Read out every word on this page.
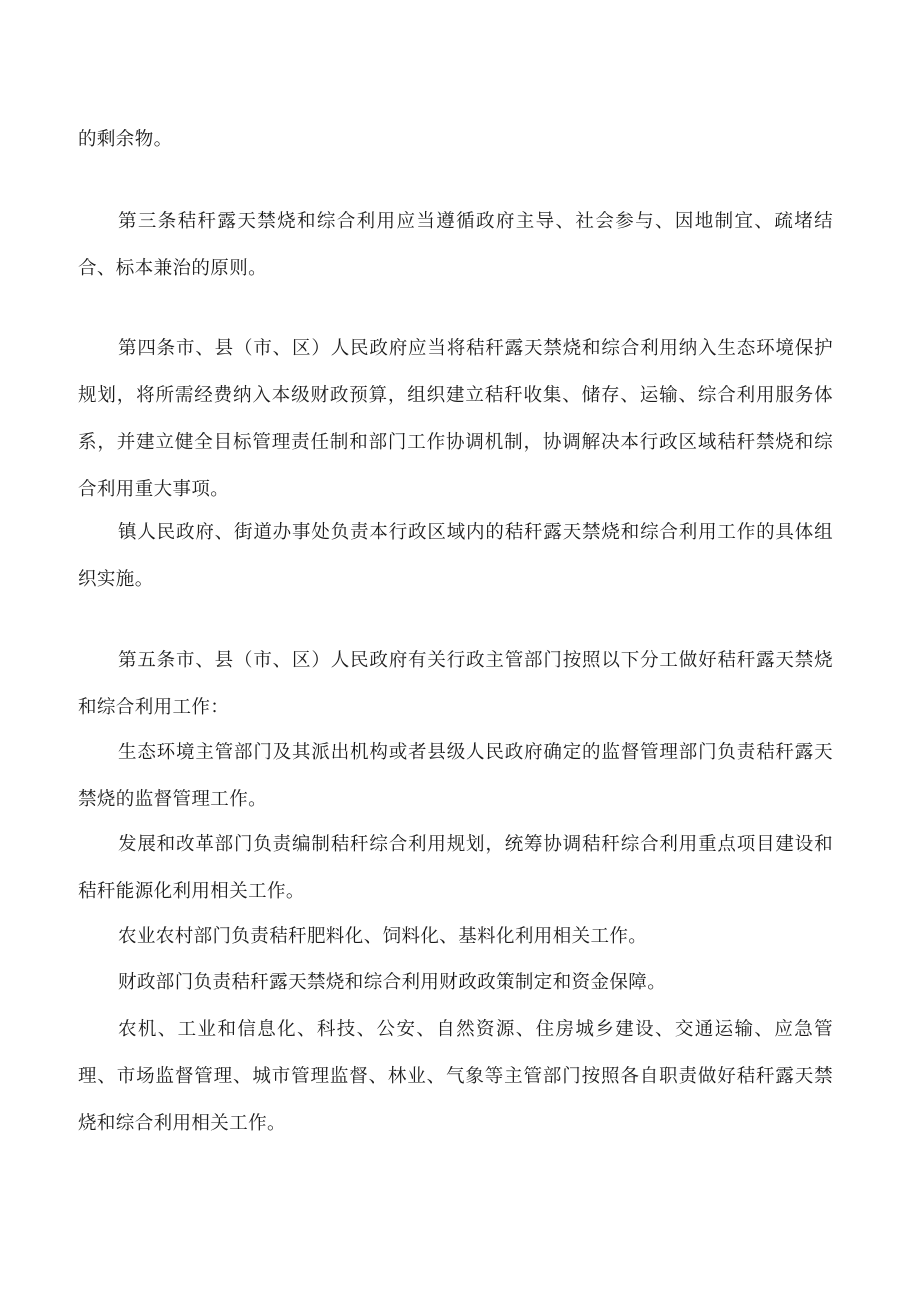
的剩余物。

第三条秸秆露天禁烧和综合利用应当遵循政府主导、社会参与、因地制宜、疏堵结合、标本兼治的原则。

第四条市、县（市、区）人民政府应当将秸秆露天禁烧和综合利用纳入生态环境保护规划，将所需经费纳入本级财政预算，组织建立秸秆收集、储存、运输、综合利用服务体系，并建立健全目标管理责任制和部门工作协调机制，协调解决本行政区域秸秆禁烧和综合利用重大事项。

镇人民政府、街道办事处负责本行政区域内的秸秆露天禁烧和综合利用工作的具体组织实施。

第五条市、县（市、区）人民政府有关行政主管部门按照以下分工做好秸秆露天禁烧和综合利用工作：

生态环境主管部门及其派出机构或者县级人民政府确定的监督管理部门负责秸秆露天禁烧的监督管理工作。

发展和改革部门负责编制秸秆综合利用规划，统筹协调秸秆综合利用重点项目建设和秸秆能源化利用相关工作。

农业农村部门负责秸秆肥料化、饲料化、基料化利用相关工作。

财政部门负责秸秆露天禁烧和综合利用财政政策制定和资金保障。

农机、工业和信息化、科技、公安、自然资源、住房城乡建设、交通运输、应急管理、市场监督管理、城市管理监督、林业、气象等主管部门按照各自职责做好秸秆露天禁烧和综合利用相关工作。
